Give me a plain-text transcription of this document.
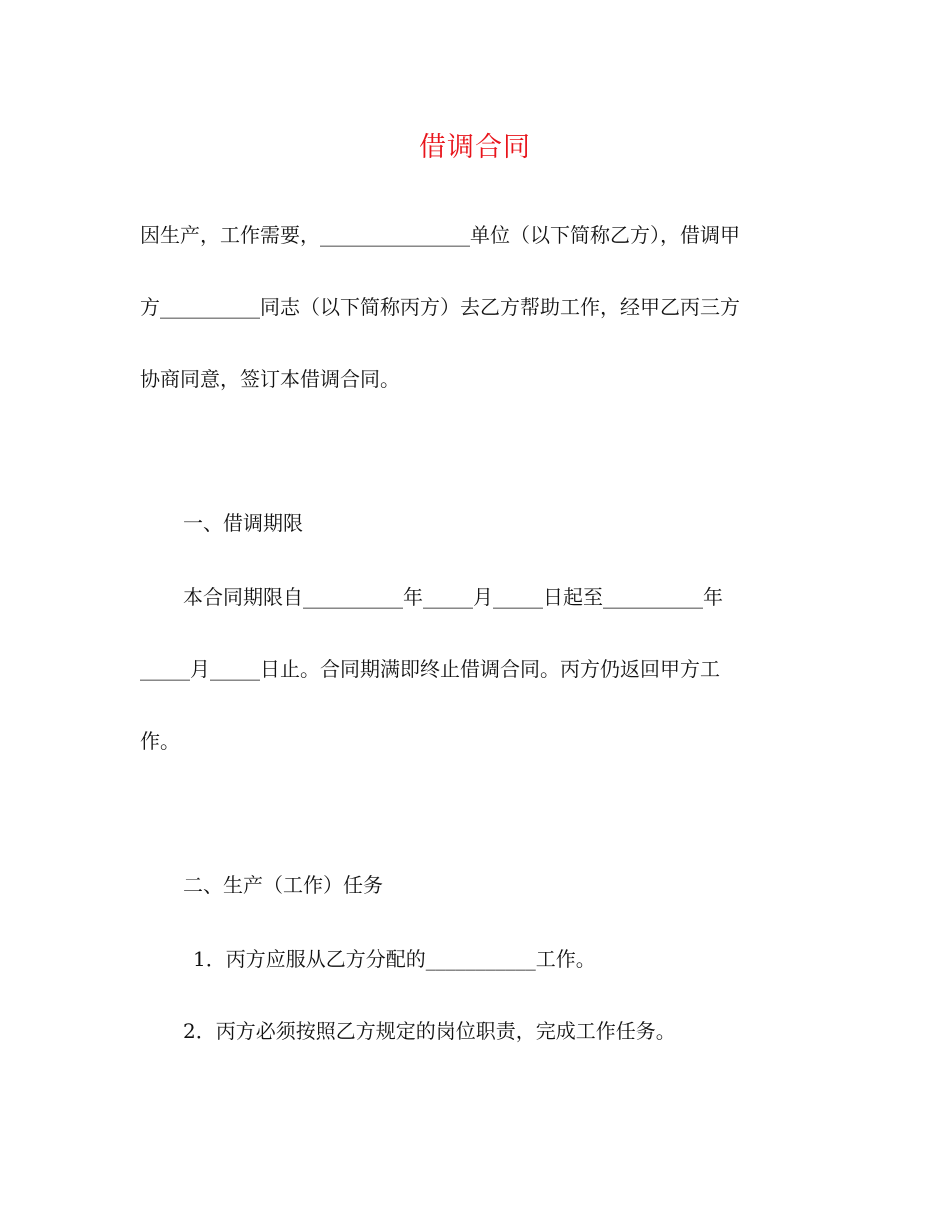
借调合同
因生产，工作需要，_______________单位（以下简称乙方），借调甲
方__________同志（以下简称丙方）去乙方帮助工作，经甲乙丙三方
协商同意，签订本借调合同。
一、借调期限
本合同期限自__________年_____月_____日起至__________年
_____月_____日止。合同期满即终止借调合同。丙方仍返回甲方工
作。
二、生产（工作）任务
1．丙方应服从乙方分配的___________工作。
2．丙方必须按照乙方规定的岗位职责，完成工作任务。
